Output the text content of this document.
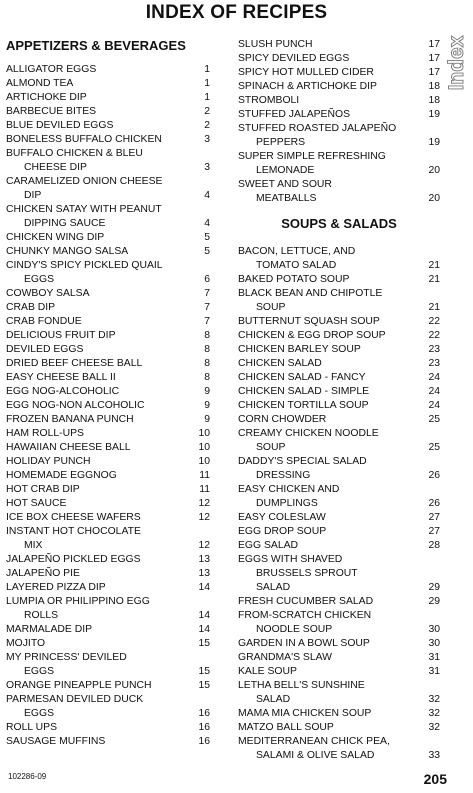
INDEX OF RECIPES
Index
APPETIZERS & BEVERAGES
ALLIGATOR EGGS	1
ALMOND TEA	1
ARTICHOKE DIP	1
BARBECUE BITES	2
BLUE DEVILED EGGS	2
BONELESS BUFFALO CHICKEN	3
BUFFALO CHICKEN & BLEU
CHEESE DIP	3
CARAMELIZED ONION CHEESE
DIP	4
CHICKEN SATAY WITH PEANUT
DIPPING SAUCE	4
CHICKEN WING DIP	5
CHUNKY MANGO SALSA	5
CINDY'S SPICY PICKLED QUAIL
EGGS	6
COWBOY SALSA	7
CRAB DIP	7
CRAB FONDUE	7
DELICIOUS FRUIT DIP	8
DEVILED EGGS	8
DRIED BEEF CHEESE BALL	8
EASY CHEESE BALL II	8
EGG NOG-ALCOHOLIC	9
EGG NOG-NON ALCOHOLIC	9
FROZEN BANANA PUNCH	9
HAM ROLL-UPS	10
HAWAIIAN CHEESE BALL	10
HOLIDAY PUNCH	10
HOMEMADE EGGNOG	11
HOT CRAB DIP	11
HOT SAUCE	12
ICE BOX CHEESE WAFERS	12
INSTANT HOT CHOCOLATE
MIX	12
JALAPEÑO PICKLED EGGS	13
JALAPEÑO PIE	13
LAYERED PIZZA DIP	14
LUMPIA OR PHILIPPINO EGG
ROLLS	14
MARMALADE DIP	14
MOJITO	15
MY PRINCESS' DEVILED
EGGS	15
ORANGE PINEAPPLE PUNCH	15
PARMESAN DEVILED DUCK
EGGS	16
ROLL UPS	16
SAUSAGE MUFFINS	16
SLUSH PUNCH	17
SPICY DEVILED EGGS	17
SPICY HOT MULLED CIDER	17
SPINACH & ARTICHOKE DIP	18
STROMBOLI	18
STUFFED JALAPEÑOS	19
STUFFED ROASTED JALAPEÑO
PEPPERS	19
SUPER SIMPLE REFRESHING
LEMONADE	20
SWEET AND SOUR
MEATBALLS	20
SOUPS & SALADS
BACON, LETTUCE, AND
TOMATO SALAD	21
BAKED POTATO SOUP	21
BLACK BEAN AND CHIPOTLE
SOUP	21
BUTTERNUT SQUASH SOUP	22
CHICKEN & EGG DROP SOUP	22
CHICKEN BARLEY SOUP	23
CHICKEN SALAD	23
CHICKEN SALAD - FANCY	24
CHICKEN SALAD - SIMPLE	24
CHICKEN TORTILLA SOUP	24
CORN CHOWDER	25
CREAMY CHICKEN NOODLE
SOUP	25
DADDY'S SPECIAL SALAD
DRESSING	26
EASY CHICKEN AND
DUMPLINGS	26
EASY COLESLAW	27
EGG DROP SOUP	27
EGG SALAD	28
EGGS WITH SHAVED
BRUSSELS SPROUT
SALAD	29
FRESH CUCUMBER SALAD	29
FROM-SCRATCH CHICKEN
NOODLE SOUP	30
GARDEN IN A BOWL SOUP	30
GRANDMA'S SLAW	31
KALE SOUP	31
LETHA BELL'S SUNSHINE
SALAD	32
MAMA MIA CHICKEN SOUP	32
MATZO BALL SOUP	32
MEDITERRANEAN CHICK PEA,
SALAMI & OLIVE SALAD	33
102286-09	205
